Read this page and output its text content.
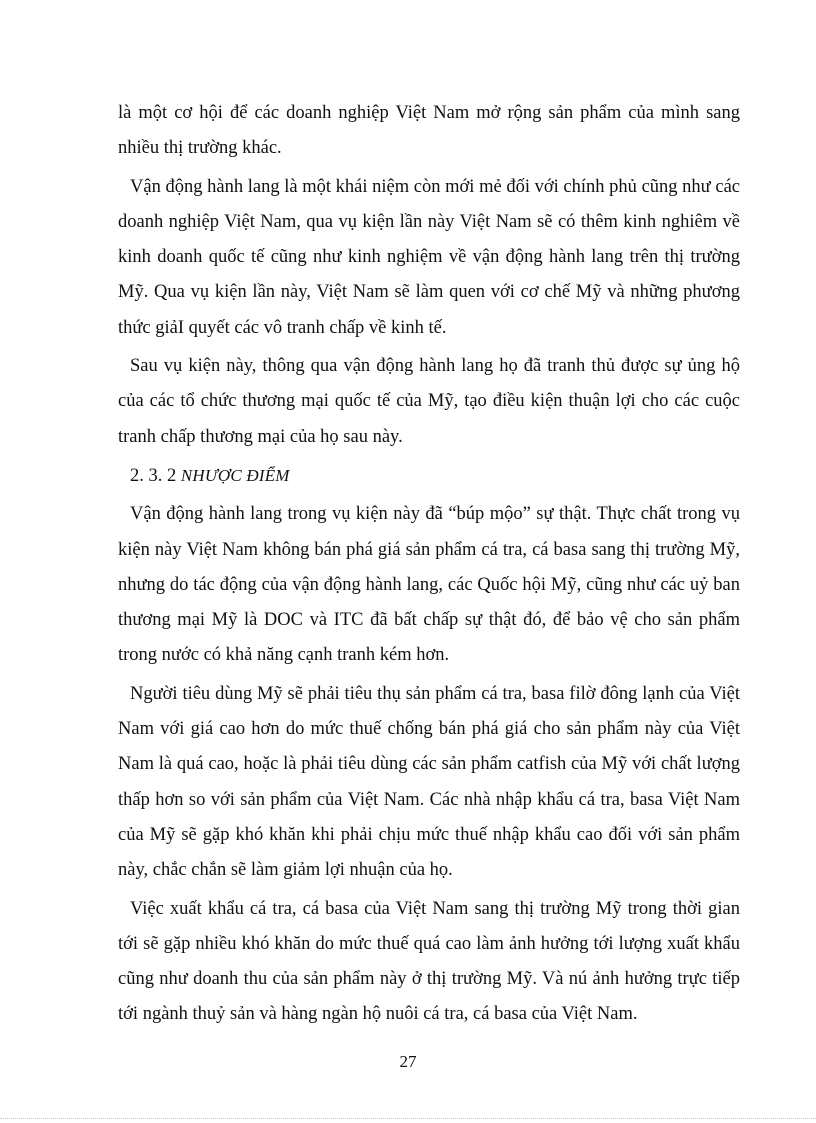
là một cơ hội để các doanh nghiệp Việt Nam mở rộng sản phẩm của mình sang nhiều thị trường khác.

Vận động hành lang là một khái niệm còn mới mẻ đối với chính phủ cũng như các doanh nghiệp Việt Nam, qua vụ kiện lần này Việt Nam sẽ có thêm kinh nghiêm về kinh doanh quốc tế cũng như kinh nghiệm về vận động hành lang trên thị trường Mỹ. Qua vụ kiện lần này, Việt Nam sẽ làm quen với cơ chế Mỹ và những phương thức giảI quyết các vô tranh chấp về kinh tế.

Sau vụ kiện này, thông qua vận động hành lang họ đã tranh thủ được sự ủng hộ của các tổ chức thương mại quốc tế của Mỹ, tạo điều kiện thuận lợi cho các cuộc tranh chấp thương mại của họ sau này.

2. 3. 2 NHƯỢC ĐIỂM

Vận động hành lang trong vụ kiện này đã “búp mộo” sự thật. Thực chất trong vụ kiện này Việt Nam không bán phá giá sản phẩm cá tra, cá basa sang thị trường Mỹ, nhưng do tác động của vận động hành lang, các Quốc hội Mỹ, cũng như các uỷ ban thương mại Mỹ là DOC và ITC đã bất chấp sự thật đó, để bảo vệ cho sản phẩm trong nước có khả năng cạnh tranh kém hơn.

Người tiêu dùng Mỹ sẽ phải tiêu thụ sản phẩm cá tra, basa filờ đông lạnh của Việt Nam với giá cao hơn do mức thuế chống bán phá giá cho sản phẩm này của Việt Nam là quá cao, hoặc là phải tiêu dùng các sản phẩm catfish của Mỹ với chất lượng thấp hơn so với sản phẩm của Việt Nam. Các nhà nhập khẩu cá tra, basa Việt Nam của Mỹ sẽ gặp khó khăn khi phải chịu mức thuế nhập khẩu cao đối với sản phẩm này, chắc chắn sẽ làm giảm lợi nhuận của họ.

Việc xuất khẩu cá tra, cá basa của Việt Nam sang thị trường Mỹ trong thời gian tới sẽ gặp nhiều khó khăn do mức thuế quá cao làm ảnh hưởng tới lượng xuất khẩu cũng như doanh thu của sản phẩm này ở thị trường Mỹ. Và nú ảnh hưởng trực tiếp tới ngành thuỷ sản và hàng ngàn hộ nuôi cá tra, cá basa của Việt Nam.

27
